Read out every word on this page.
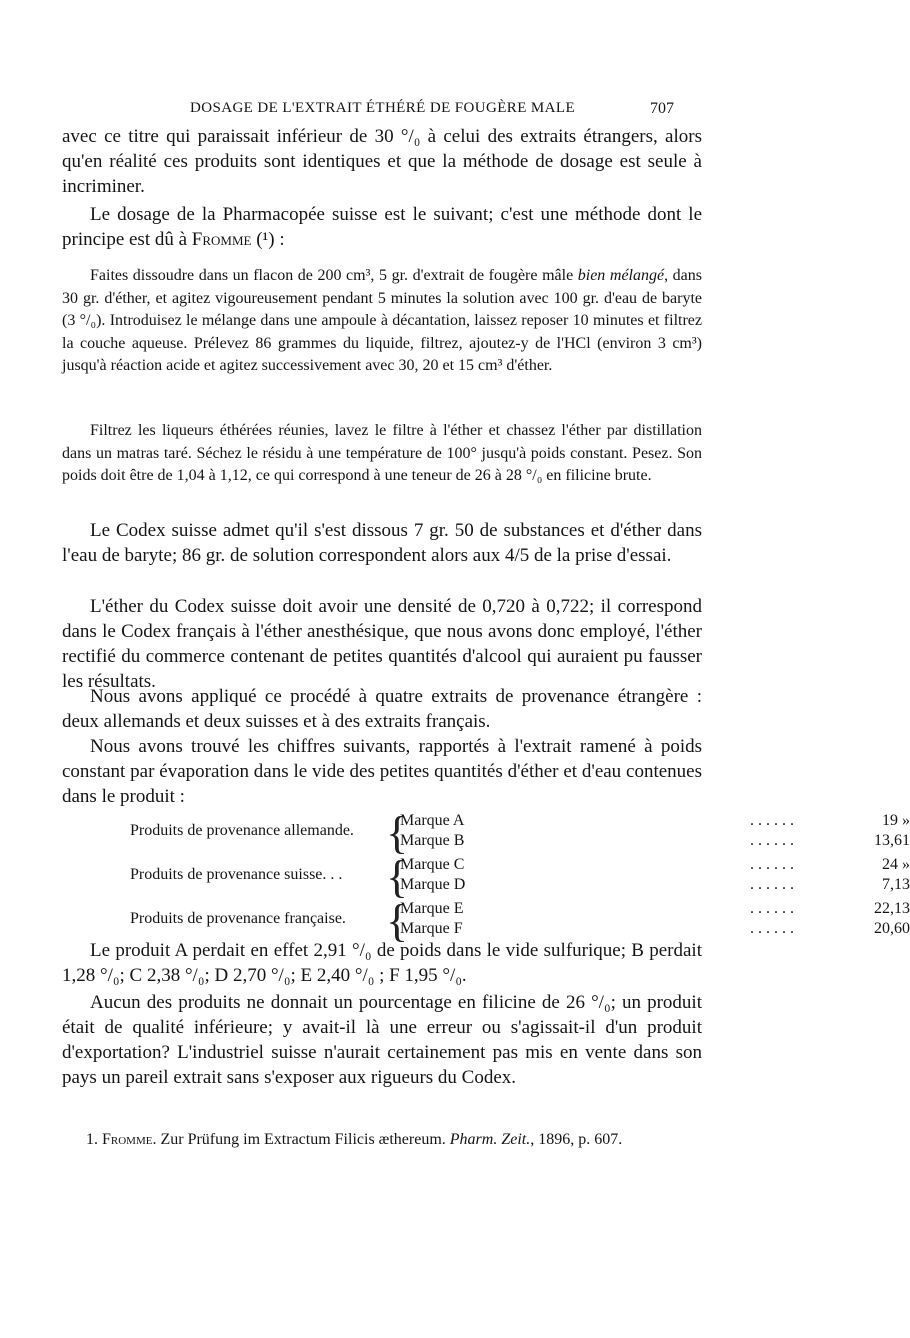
DOSAGE DE L'EXTRAIT ÉTHÉRÉ DE FOUGÈRE MALE	707

avec ce titre qui paraissait inférieur de 30 °/₀ à celui des extraits étrangers, alors qu'en réalité ces produits sont identiques et que la méthode de dosage est seule à incriminer.

Le dosage de la Pharmacopée suisse est le suivant; c'est une méthode dont le principe est dû à Fromme (¹) :

Faites dissoudre dans un flacon de 200 cm³, 5 gr. d'extrait de fougère mâle bien mélangé, dans 30 gr. d'éther, et agitez vigoureusement pendant 5 minutes la solution avec 100 gr. d'eau de baryte (3 °/₀). Introduisez le mélange dans une ampoule à décantation, laissez reposer 10 minutes et filtrez la couche aqueuse. Prélevez 86 grammes du liquide, filtrez, ajoutez-y de l'HCl (environ 3 cm³) jusqu'à réaction acide et agitez successivement avec 30, 20 et 15 cm³ d'éther.

Filtrez les liqueurs éthérées réunies, lavez le filtre à l'éther et chassez l'éther par distillation dans un matras taré. Séchez le résidu à une température de 100° jusqu'à poids constant. Pesez. Son poids doit être de 1,04 à 1,12, ce qui correspond à une teneur de 26 à 28 °/₀ en filicine brute.

Le Codex suisse admet qu'il s'est dissous 7 gr. 50 de substances et d'éther dans l'eau de baryte; 86 gr. de solution correspondent alors aux 4/5 de la prise d'essai.

L'éther du Codex suisse doit avoir une densité de 0,720 à 0,722; il correspond dans le Codex français à l'éther anesthésique, que nous avons donc employé, l'éther rectifié du commerce contenant de petites quantités d'alcool qui auraient pu fausser les résultats.

Nous avons appliqué ce procédé à quatre extraits de provenance étrangère : deux allemands et deux suisses et à des extraits français.

Nous avons trouvé les chiffres suivants, rapportés à l'extrait ramené à poids constant par évaporation dans le vide des petites quantités d'éther et d'eau contenues dans le produit :

Produits de provenance allemande. {
Marque A	......	19 »
Marque B	......	13,61
Produits de provenance suisse. . . {
Marque C	......	24 »
Marque D	......	7,13
Produits de provenance française. {
Marque E	......	22,13
Marque F	......	20,60

Le produit A perdait en effet 2,91 °/₀ de poids dans le vide sulfurique; B perdait 1,28 °/₀; C 2,38 °/₀; D 2,70 °/₀; E 2,40 °/₀ ; F 1,95 °/₀.

Aucun des produits ne donnait un pourcentage en filicine de 26 °/₀; un produit était de qualité inférieure; y avait-il là une erreur ou s'agissait-il d'un produit d'exportation? L'industriel suisse n'aurait certainement pas mis en vente dans son pays un pareil extrait sans s'exposer aux rigueurs du Codex.

1. Fromme. Zur Prüfung im Extractum Filicis æthereum. Pharm. Zeit., 1896, p. 607.
